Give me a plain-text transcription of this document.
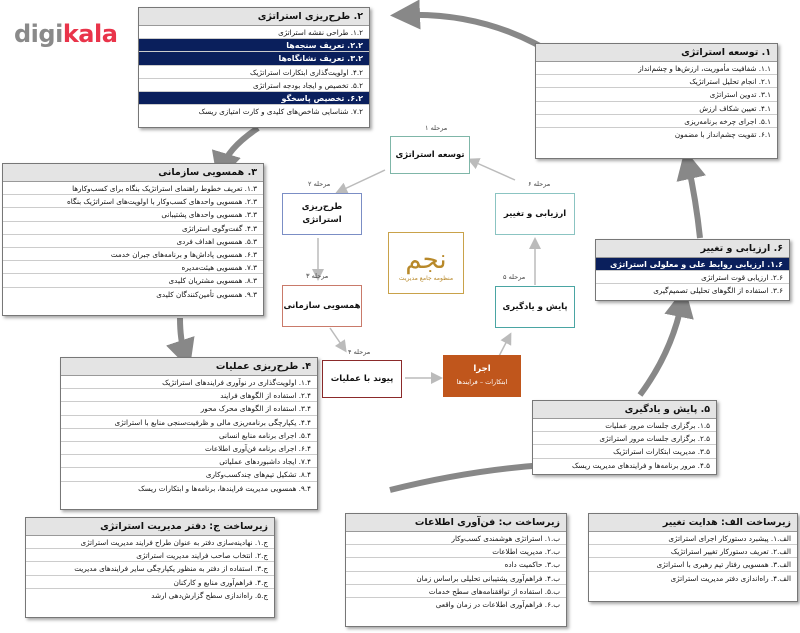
digikala
مرحله ۱
توسعه استراتژی
مرحله ۲
طرح‌ریزی استراتژی
مرحله ۳
همسویی سازمانی
مرحله ۴
پیوند با عملیات
اجرا
ابتکارات – فرایندها
مرحله ۵
پایش و یادگیری
مرحله ۶
ارزیابی و تغییر
نجم
منظومه جامع مدیریت
۲. طرح‌ریزی استراتژی
۱.۲. طراحی نقشه استراتژی
۲.۲. تعریف سنجه‌ها
۳.۲. تعریف نشانگاه‌ها
۴.۲. اولویت‌گذاری ابتکارات استراتژیک
۵.۲. تخصیص و ایجاد بودجه استراتژی
۶.۲. تخصیص پاسخگو
۷.۲. شناسایی شاخص‌های کلیدی و کارت امتیازی ریسک
۱. توسعه استراتژی
۱.۱. شفافیت مأموریت، ارزش‌ها و چشم‌انداز
۲.۱. انجام تحلیل استراتژیک
۳.۱. تدوین استراتژی
۴.۱. تعیین شکاف ارزش
۵.۱. اجرای چرخه برنامه‌ریزی
۶.۱. تقویت چشم‌انداز با مضمون
۳. همسویی سازمانی
۱.۳. تعریف خطوط راهنمای استراتژیک بنگاه برای کسب‌وکارها
۲.۳. همسویی واحدهای کسب‌وکار با اولویت‌های استراتژیک بنگاه
۳.۳. همسویی واحدهای پشتیبانی
۴.۳. گفت‌وگوی استراتژی
۵.۳. همسویی اهداف فردی
۶.۳. همسویی پاداش‌ها و برنامه‌های جبران خدمت
۷.۳. همسویی هیئت‌مدیره
۸.۳. همسویی مشتریان کلیدی
۹.۳. همسویی تأمین‌کنندگان کلیدی
۶. ارزیابی و تغییر
۱.۶. ارزیابی روابط علی و معلولی استراتژی
۲.۶. ارزیابی قوت استراتژی
۳.۶. استفاده از الگوهای تحلیلی تصمیم‌گیری
۴. طرح‌ریزی عملیات
۱.۴. اولویت‌گذاری در نوآوری فرایندهای استراتژیک
۲.۴. استفاده از الگوهای فرایند
۳.۴. استفاده از الگوهای محرک محور
۴.۴. یکپارچگی برنامه‌ریزی مالی و ظرفیت‌سنجی منابع با استراتژی
۵.۴. اجرای برنامه منابع انسانی
۶.۴. اجرای برنامه فن‌آوری اطلاعات
۷.۴. ایجاد داشبوردهای عملیاتی
۸.۴. تشکیل تیم‌های چندکسب‌وکاری
۹.۴. همسویی مدیریت فرایندها، برنامه‌ها و ابتکارات ریسک
۵. پایش و یادگیری
۱.۵. برگزاری جلسات مرور عملیات
۲.۵. برگزاری جلسات مرور استراتژی
۳.۵. مدیریت ابتکارات استراتژیک
۴.۵. مرور برنامه‌ها و فرایندهای مدیریت ریسک
زیرساخت ج: دفتر مدیریت استراتژی
ج.۱. نهادینه‌سازی دفتر به عنوان طراح فرایند مدیریت استراتژی
ج.۲. انتخاب صاحب فرایند مدیریت استراتژی
ج.۳. استفاده از دفتر به منظور یکپارچگی سایر فرایندهای مدیریت
ج.۴. فراهم‌آوری منابع و کارکنان
ج.۵. راه‌اندازی سطح گزارش‌دهی ارشد
زیرساخت ب: فن‌آوری اطلاعات
ب.۱. استراتژی هوشمندی کسب‌وکار
ب.۲. مدیریت اطلاعات
ب.۳. حاکمیت داده
ب.۴. فراهم‌آوری پشتیبانی تحلیلی براساس زمان
ب.۵. استفاده از توافقنامه‌های سطح خدمات
ب.۶. فراهم‌آوری اطلاعات در زمان واقعی
زیرساخت الف: هدایت تغییر
الف.۱. پیشبرد دستورکار اجرای استراتژی
الف.۲. تعریف دستورکار تغییر استراتژیک
الف.۳. همسویی رفتار تیم رهبری با استراتژی
الف.۴. راه‌اندازی دفتر مدیریت استراتژی
